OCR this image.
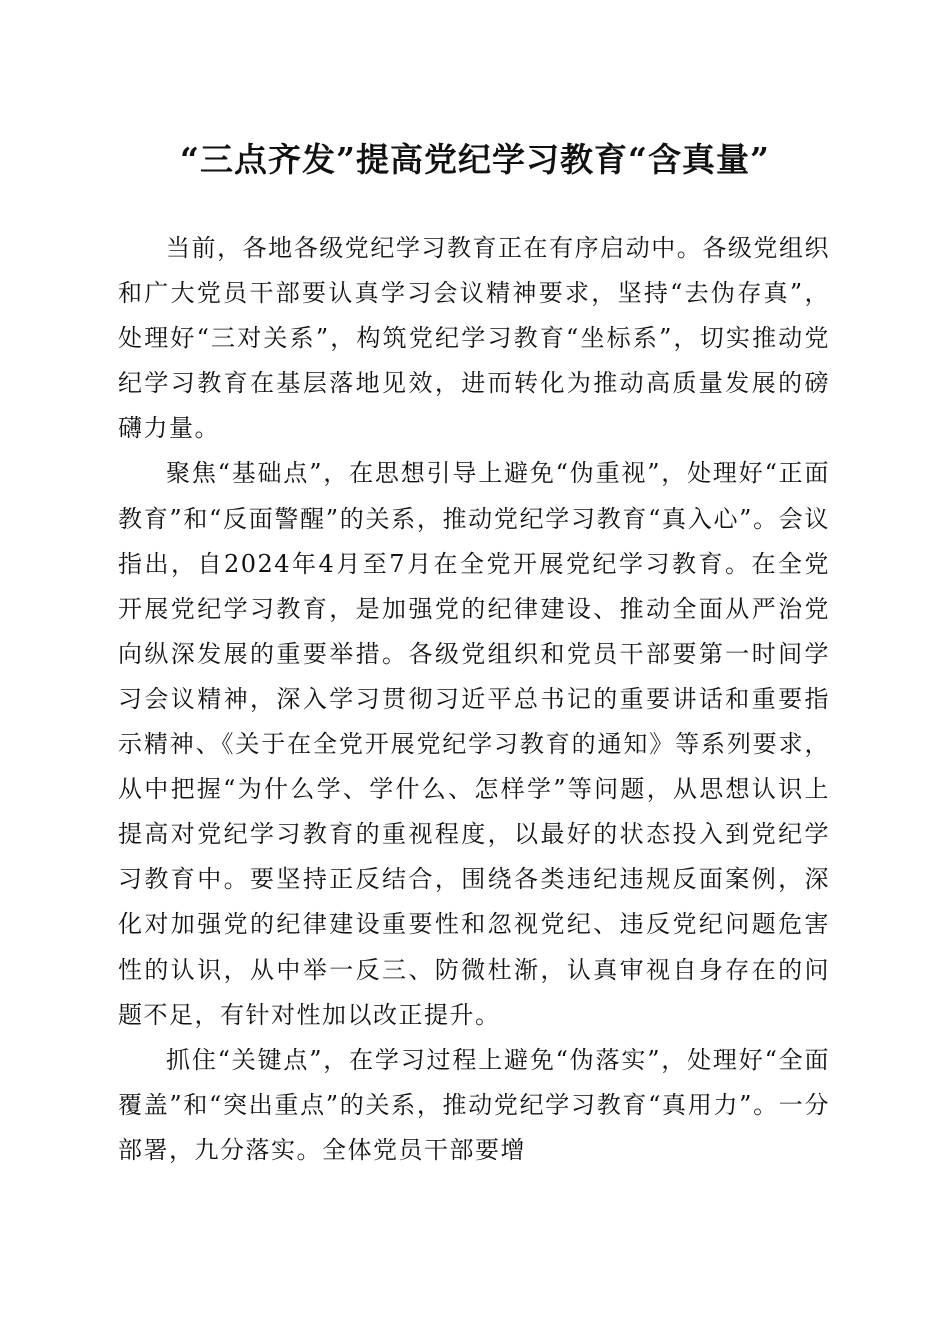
“三点齐发”提高党纪学习教育“含真量”

当前，各地各级党纪学习教育正在有序启动中。各级党组织和广大党员干部要认真学习会议精神要求，坚持“去伪存真”，处理好“三对关系”，构筑党纪学习教育“坐标系”，切实推动党纪学习教育在基层落地见效，进而转化为推动高质量发展的磅礴力量。

聚焦“基础点”，在思想引导上避免“伪重视”，处理好“正面教育”和“反面警醒”的关系，推动党纪学习教育“真入心”。会议指出，自2024年4月至7月在全党开展党纪学习教育。在全党开展党纪学习教育，是加强党的纪律建设、推动全面从严治党向纵深发展的重要举措。各级党组织和党员干部要第一时间学习会议精神，深入学习贯彻习近平总书记的重要讲话和重要指示精神、《关于在全党开展党纪学习教育的通知》等系列要求，从中把握“为什么学、学什么、怎样学”等问题，从思想认识上提高对党纪学习教育的重视程度，以最好的状态投入到党纪学习教育中。要坚持正反结合，围绕各类违纪违规反面案例，深化对加强党的纪律建设重要性和忽视党纪、违反党纪问题危害性的认识，从中举一反三、防微杜渐，认真审视自身存在的问题不足，有针对性加以改正提升。

抓住“关键点”，在学习过程上避免“伪落实”，处理好“全面覆盖”和“突出重点”的关系，推动党纪学习教育“真用力”。一分部署，九分落实。全体党员干部要增
